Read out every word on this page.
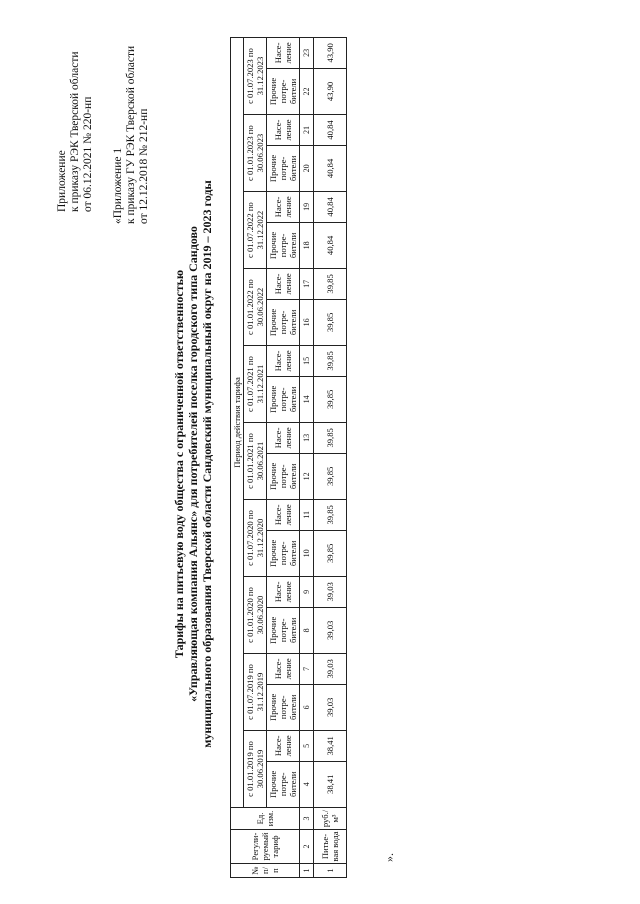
Приложение к приказу РЭК Тверской области от 06.12.2021 № 220-нп «Приложение 1 к приказу ГУ РЭК Тверской области от 12.12.2018 № 212-нп
Тарифы на питьевую воду общества с ограниченной ответственностью «Управляющая компания Альянс» для потребителей поселка городского типа Сандово муниципального образования Тверской области Сандовский муниципальный округ на 2019 – 2023 годы
№ п/п	Регули-руемый тариф	Ед. изм.	Период действия тарифа																			
			с 01.01.2019 по 30.06.2019		с 01.07.2019 по 31.12.2019		с 01.01.2020 по 30.06.2020		с 01.07.2020 по 31.12.2020		с 01.01.2021 по 30.06.2021		с 01.07.2021 по 31.12.2021		с 01.01.2022 по 30.06.2022		с 01.07.2022 по 31.12.2022		с 01.01.2023 по 30.06.2023		с 01.07.2023 по 31.12.2023	
			Прочие потре-бители	Насе-ление	Прочие потре-бители	Насе-ление	Прочие потре-бители	Насе-ление	Прочие потре-бители	Насе-ление	Прочие потре-бители	Насе-ление	Прочие потре-бители	Насе-ление	Прочие потре-бители	Насе-ление	Прочие потре-бители	Насе-ление	Прочие потре-бители	Насе-ление	Прочие потре-бители	Насе-ление
1	2	3	4	5	6	7	8	9	10	11	12	13	14	15	16	17	18	19	20	21	22	23
1	Питье-вая вода	руб./м³	38,41	38,41	39,03	39,03	39,03	39,03	39,85	39,85	39,85	39,85	39,85	39,85	39,85	39,85	40,84	40,84	40,84	40,84	43,90	43,90
».
